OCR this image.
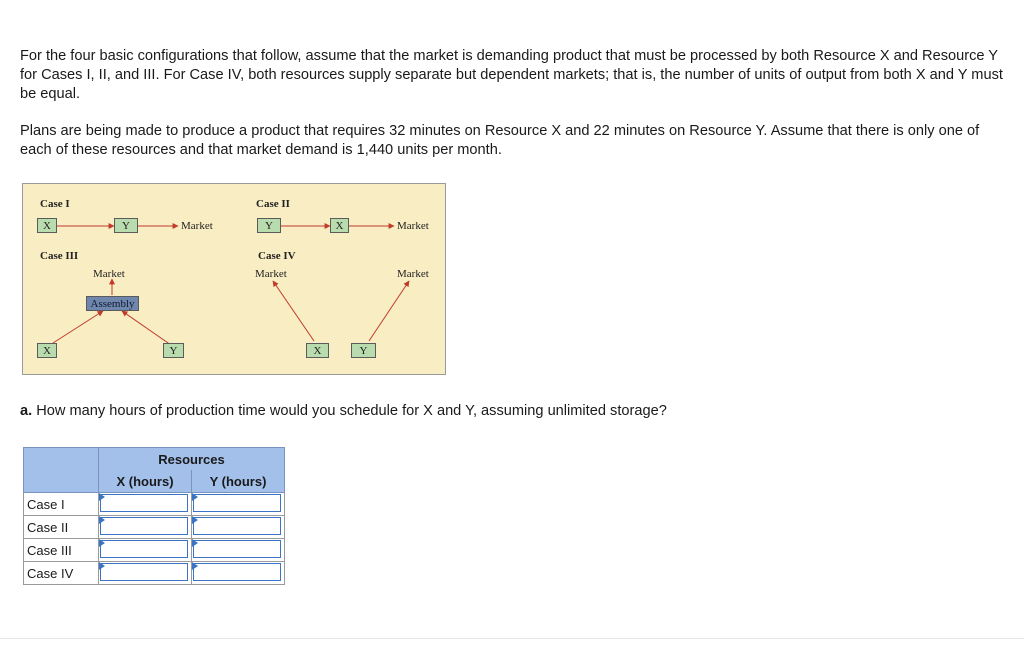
For the four basic configurations that follow, assume that the market is demanding product that must be processed by both Resource X and Resource Y for Cases I, II, and III. For Case IV, both resources supply separate but dependent markets; that is, the number of units of output from both X and Y must be equal.

Plans are being made to produce a product that requires 32 minutes on Resource X and 22 minutes on Resource Y. Assume that there is only one of each of these resources and that market demand is 1,440 units per month.

Case I
X	Y	Market
Case II
Y	X	Market
Case III
Market
Assembly
X	Y
Case IV
Market	Market
X	Y

a. How many hours of production time would you schedule for X and Y, assuming unlimited storage?

	Resources	
	X (hours)	Y (hours)
Case I	

Case II	

Case III	

Case IV	
